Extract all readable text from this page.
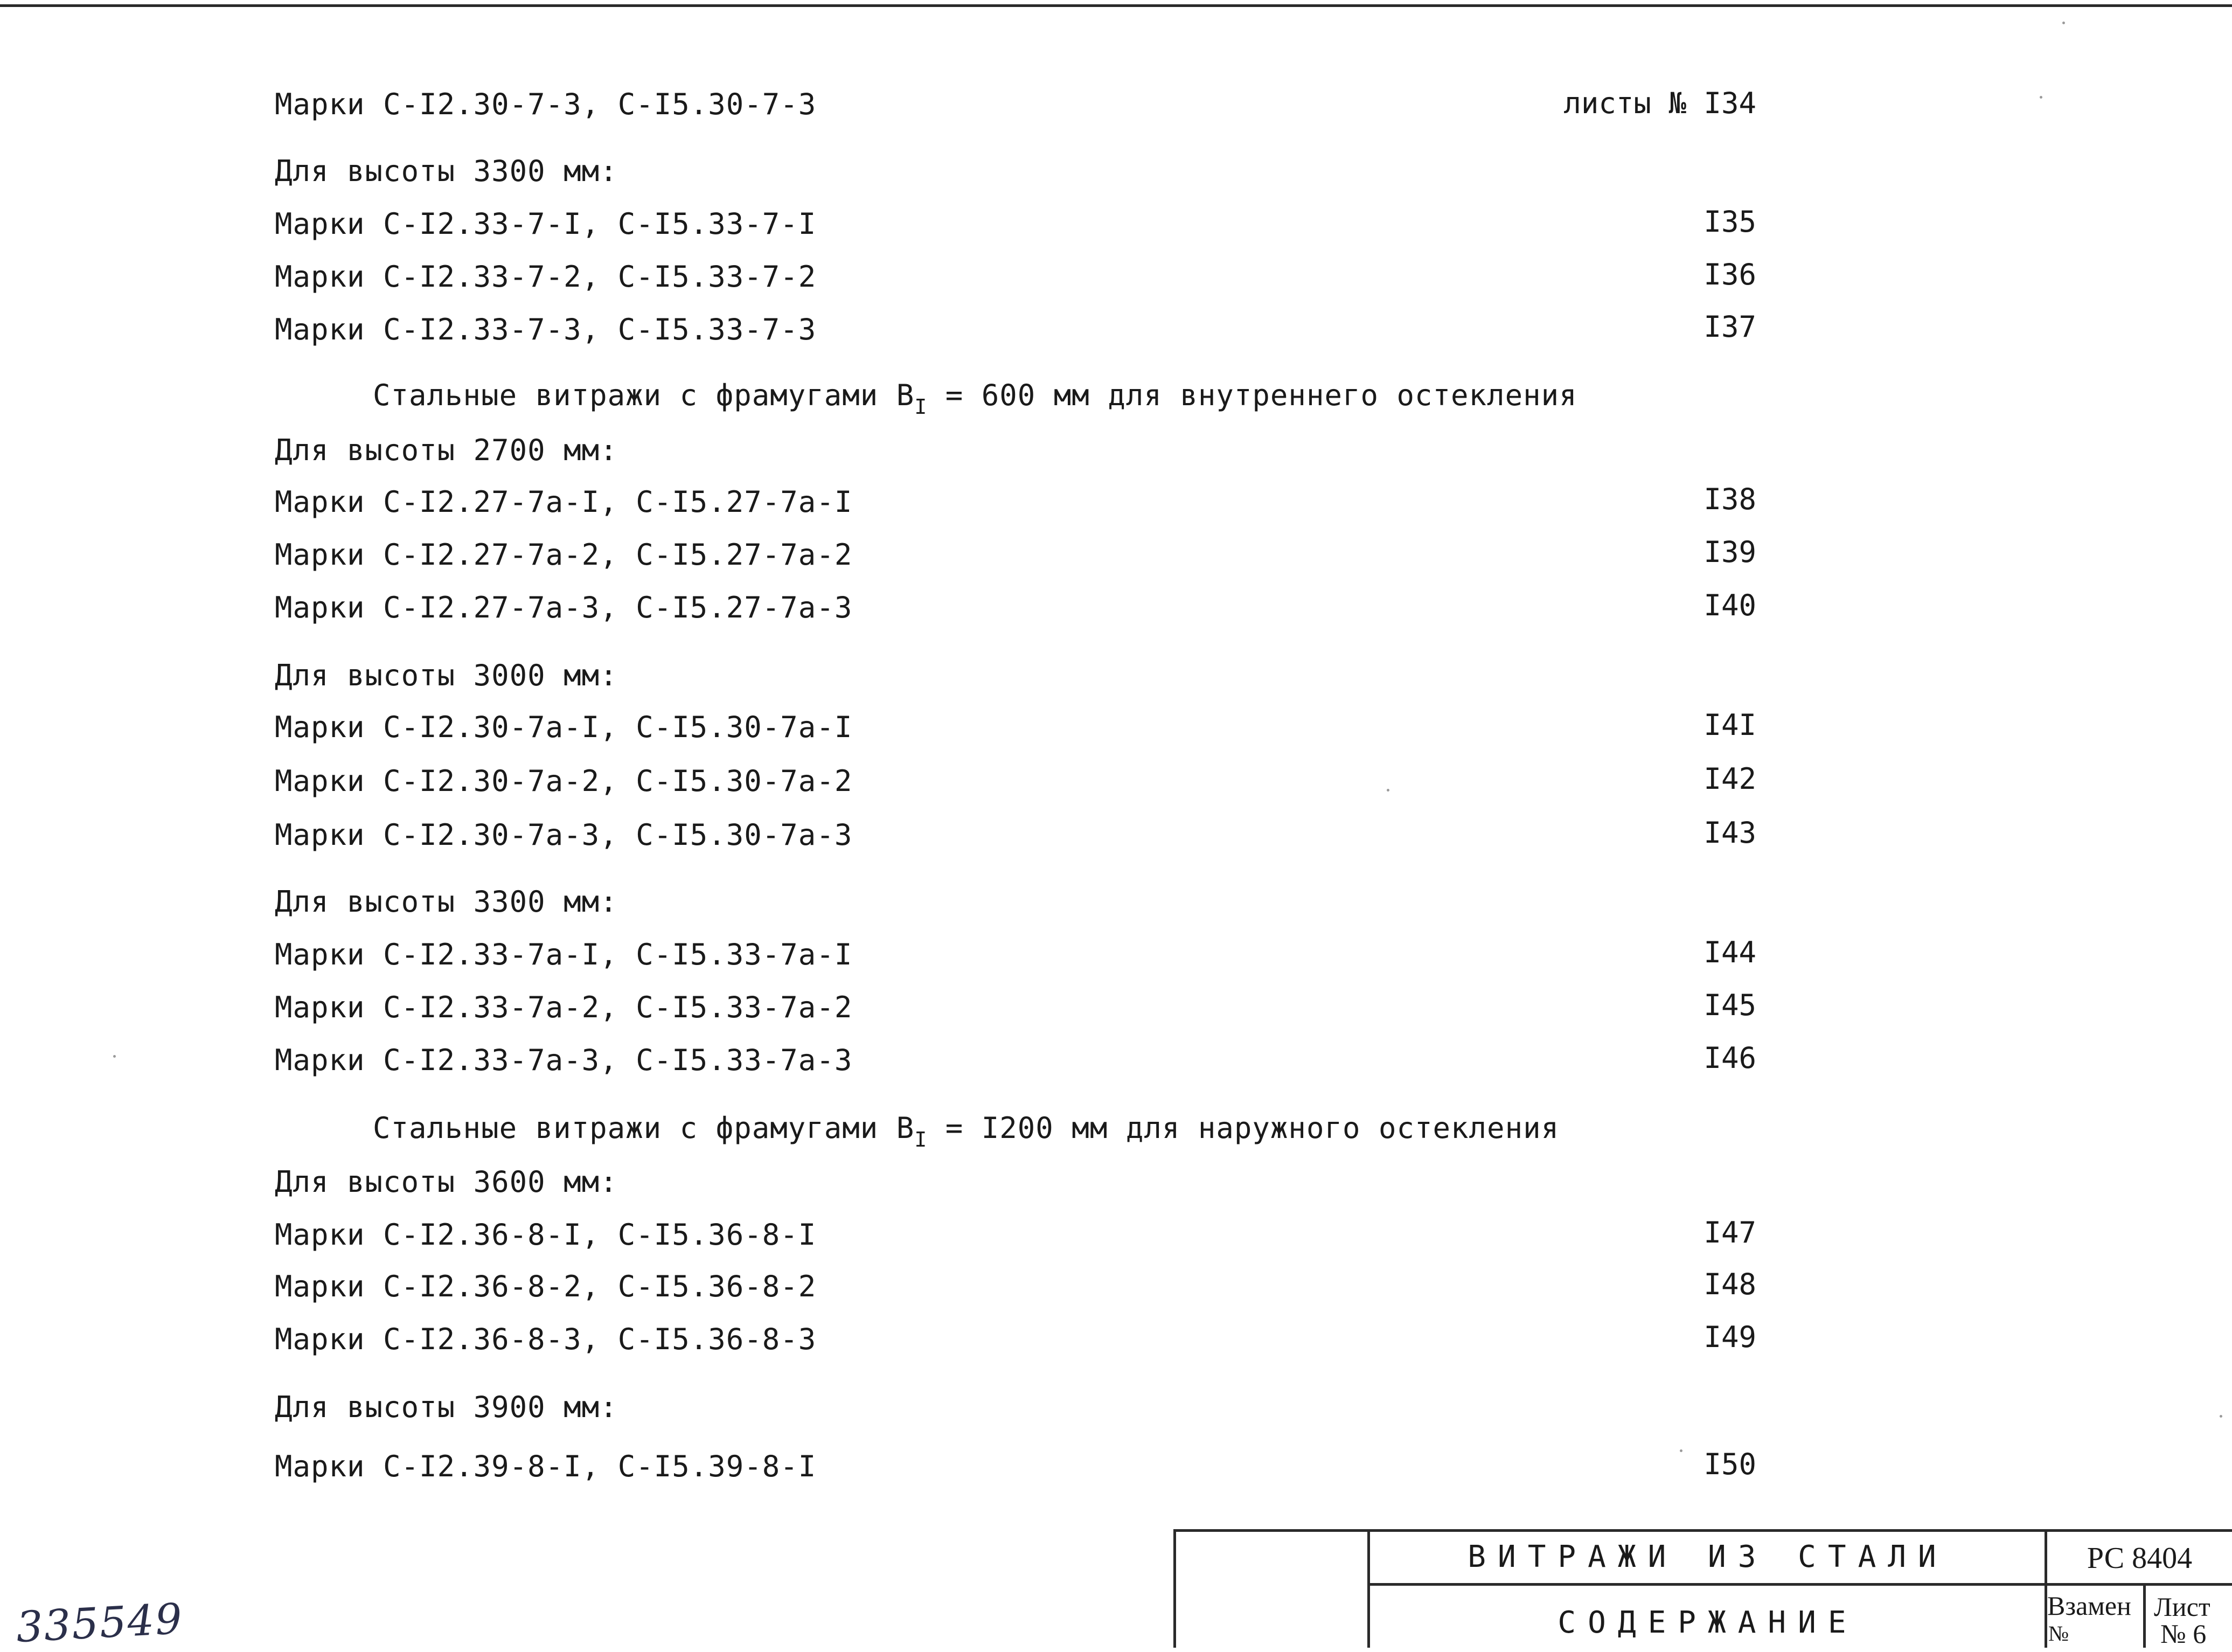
Марки С-I2.30-7-3, С-I5.30-7-3	листы № I34
Для высоты 3300 мм:
Марки С-I2.33-7-I, С-I5.33-7-I	I35
Марки С-I2.33-7-2, С-I5.33-7-2	I36
Марки С-I2.33-7-3, С-I5.33-7-3	I37
Стальные витражи с фрамугами $B_I = 600$ мм для внутреннего остекления
Для высоты 2700 мм:
Марки С-I2.27-7а-I, С-I5.27-7а-I	I38
Марки С-I2.27-7а-2, С-I5.27-7а-2	I39
Марки С-I2.27-7а-3, С-I5.27-7а-3	I40
Для высоты 3000 мм:
Марки С-I2.30-7а-I, С-I5.30-7а-I	I4I
Марки С-I2.30-7а-2, С-I5.30-7а-2	I42
Марки С-I2.30-7а-3, С-I5.30-7а-3	I43
Для высоты 3300 мм:
Марки С-I2.33-7а-I, С-I5.33-7а-I	I44
Марки С-I2.33-7а-2, С-I5.33-7а-2	I45
Марки С-I2.33-7а-3, С-I5.33-7а-3	I46
Стальные витражи с фрамугами $B_I = I200$ мм для наружного остекления
Для высоты 3600 мм:
Марки С-I2.36-8-I, С-I5.36-8-I	I47
Марки С-I2.36-8-2, С-I5.36-8-2	I48
Марки С-I2.36-8-3, С-I5.36-8-3	I49
Для высоты 3900 мм:
Марки С-I2.39-8-I, С-I5.39-8-I	I50
ВИТРАЖИ ИЗ СТАЛИ
СОДЕРЖАНИЕ
РС 8404
Взамен
№
Лист
№ 6
335549
